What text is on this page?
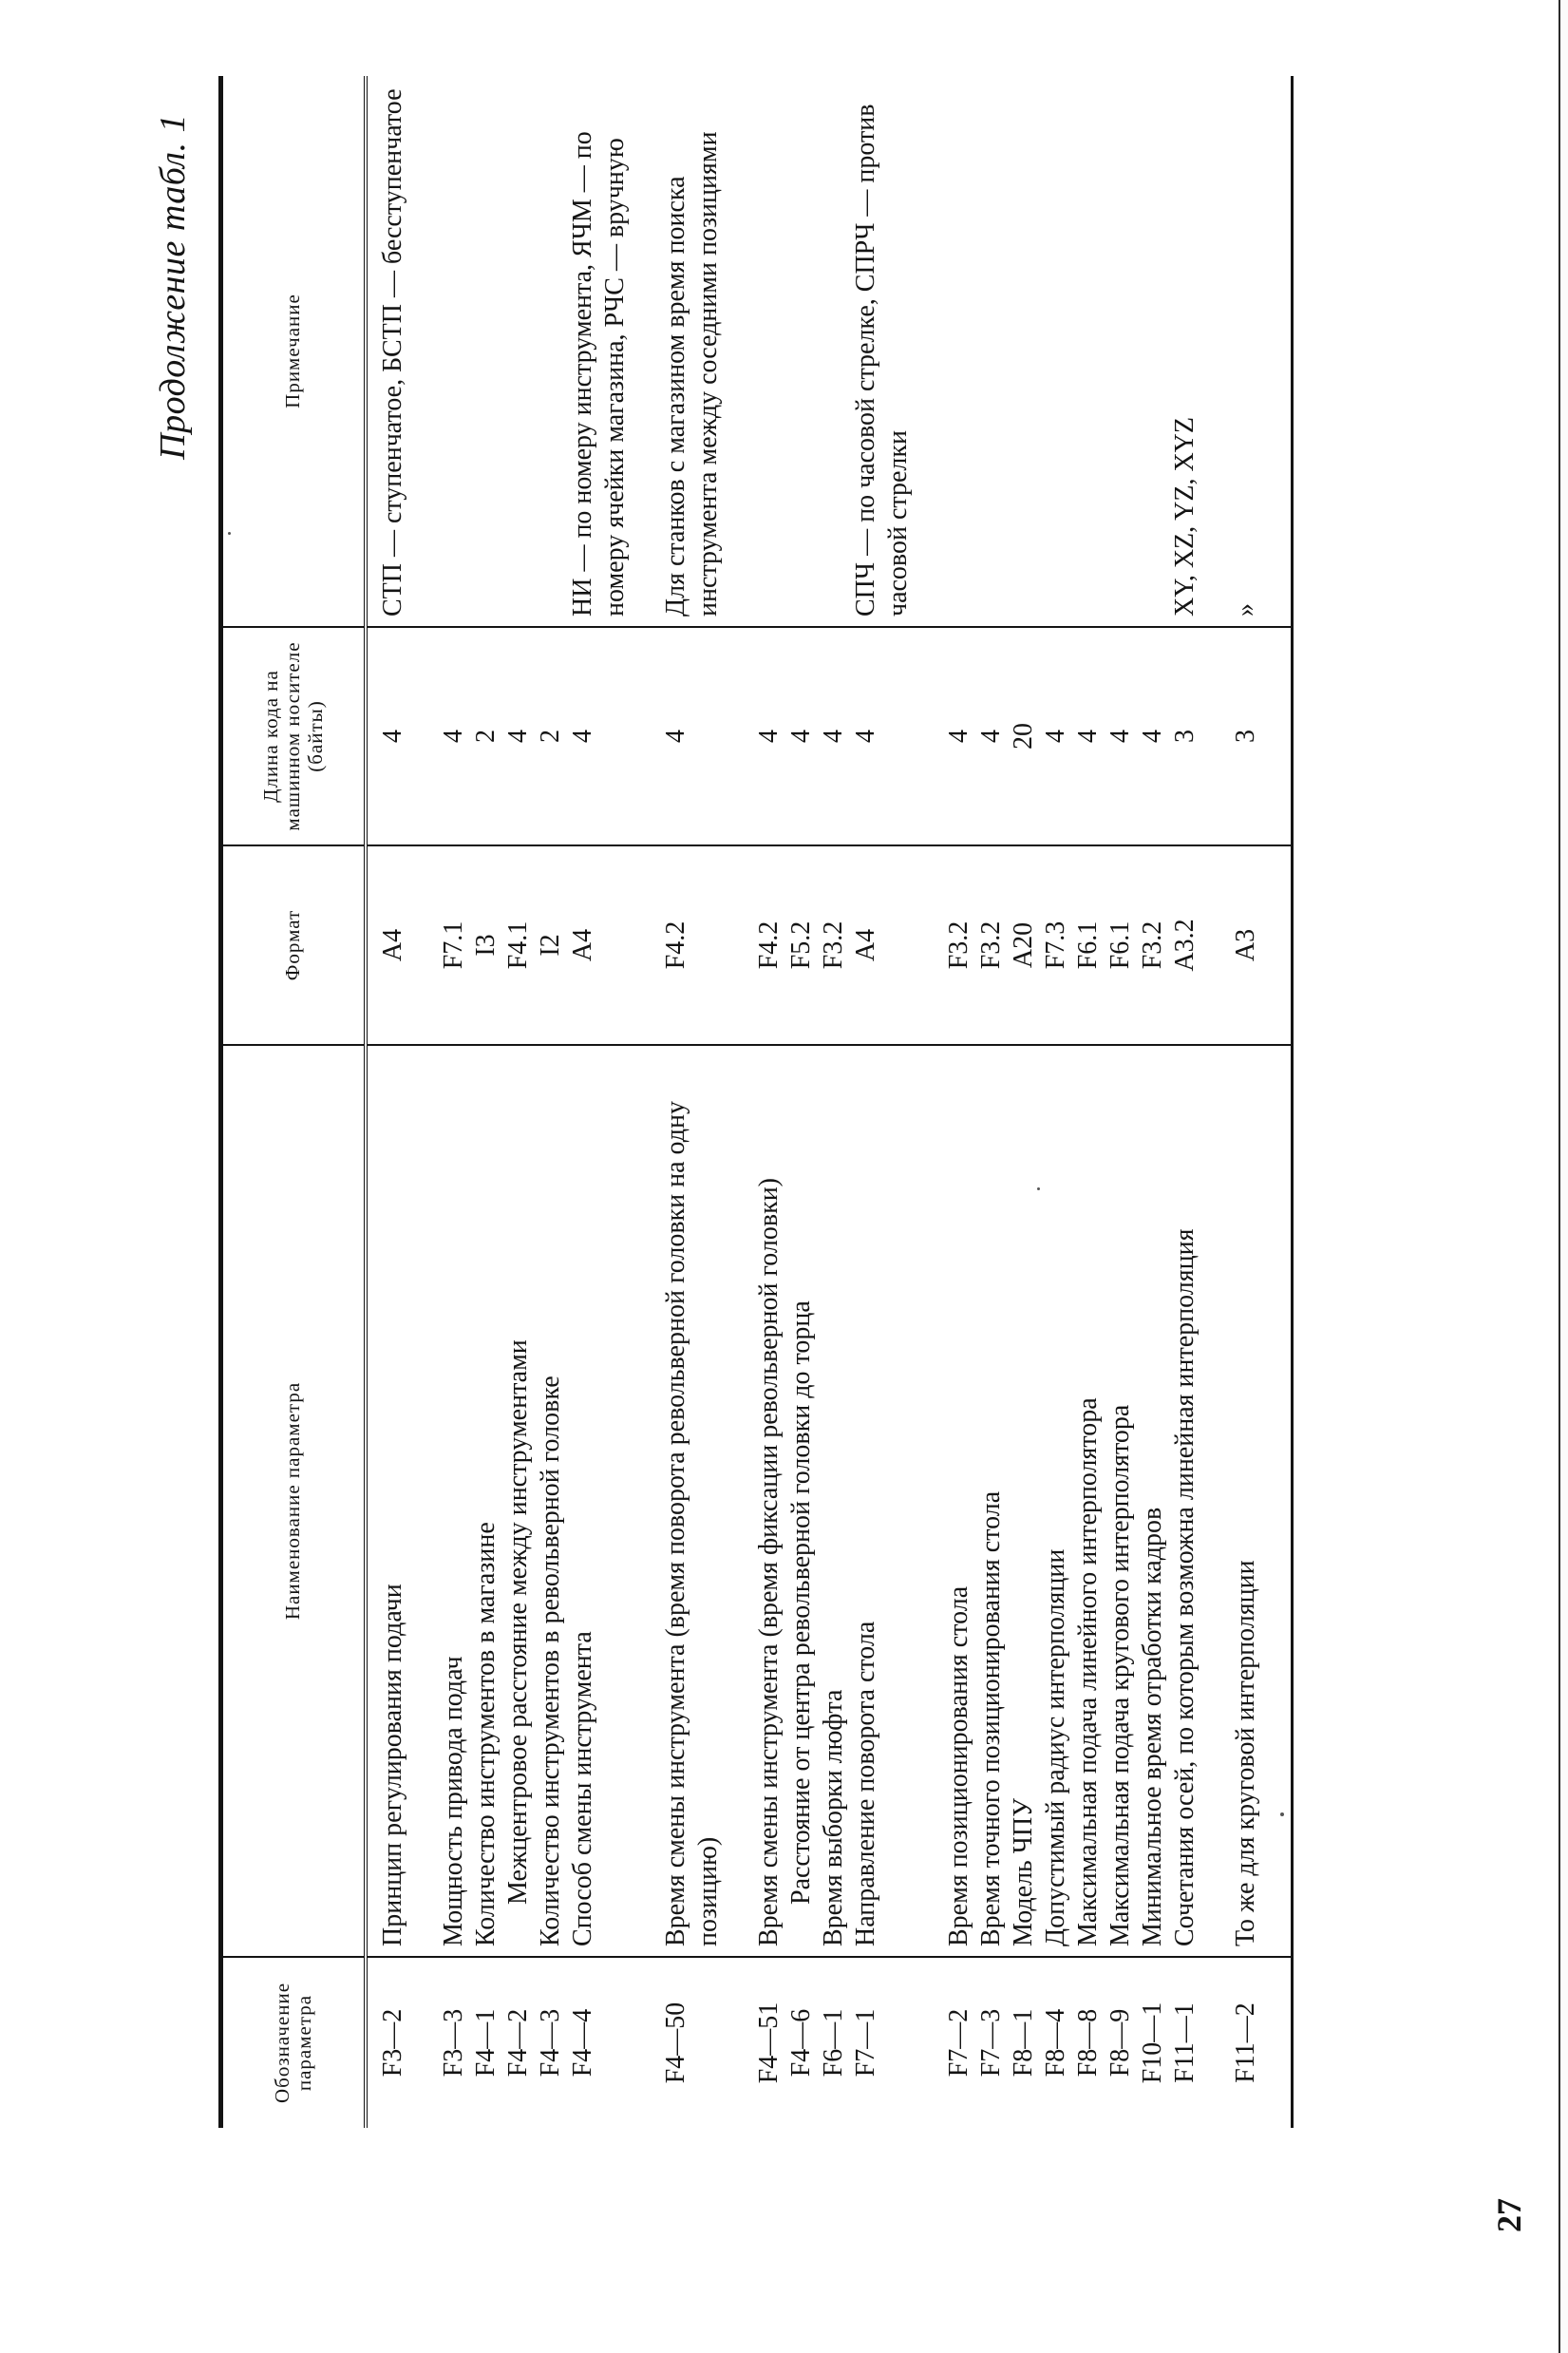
Продолжение табл. 1
Обозначение параметра	Наименование параметра	Формат	Длина кода на машинном носителе (байты)	Примечание

F3—2	Принцип регулирования подачи	A4	4	СТП — ступенчатое, БСТП — бесступенчатое

F3—3	Мощность привода подач	F7.1	4	
F4—1	Количество инструментов в магазине	I3	2	
F4—2	Межцентровое расстояние между инструментами	F4.1	4	
F4—3	Количество инструментов в револьверной головке	I2	2	
F4—4	Способ смены инструмента	A4	4	НИ — по номеру инструмента, ЯЧМ — по номеру ячейки магазина, РЧС — вручную

F4—50	Время смены инструмента (время поворота револьверной головки на одну позицию)	F4.2	4	Для станков с магазином время поиска инструмента между соседними позициями

F4—51	Время смены инструмента (время фиксации револьверной головки)	F4.2	4	
F4—6	Расстояние от центра револьверной головки до торца	F5.2	4	
F6—1	Время выборки люфта	F3.2	4	
F7—1	Направление поворота стола	A4	4	СПЧ — по часовой стрелке, СПРЧ — против часовой стрелки

F7—2	Время позиционирования стола	F3.2	4	
F7—3	Время точного позиционирования стола	F3.2	4	
F8—1	Модель ЧПУ	A20	20	
F8—4	Допустимый радиус интерполяции	F7.3	4	
F8—8	Максимальная подача линейного интерполятора	F6.1	4	
F8—9	Максимальная подача кругового интерполятора	F6.1	4	
F10—1	Минимальное время отработки кадров	F3.2	4	
F11—1	Сочетания осей, по которым возможна линейная интерполяция	A3.2	3	XY, XZ, YZ, XYZ

F11—2	То же для круговой интерполяции	A3	3	»

27
